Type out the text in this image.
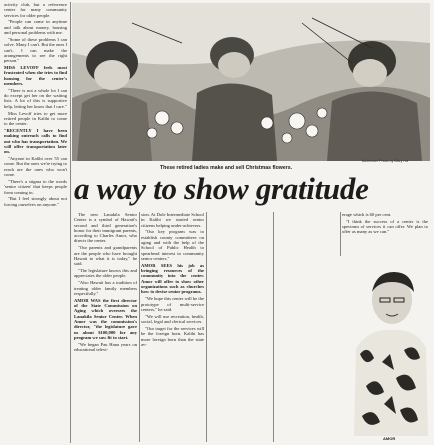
activity club, but a referrence center for many community services for older people.

"People can come in anytime and talk about money, housing and personal problems with me.

"Some of these problems I can solve. Many I can't. But the ones I can't, I can make the arrangements to see the right person."

MISS LEVOFF feels most frustrated when she tries to find housing for the center's members.

"There is not a whole lot I can do except get her on the waiting lists. A lot of this is supportive help, letting her know that I care."

Miss Levoff tries to get more retired people in Kalihi to come to the center.

"RECENTLY I have been making outreach calls to find out who has transportation. We will offer transportation later on.

"Anyone in Kalihi over 55 can come. But the ones we're trying to reach are the ones who won't come.

"There's a stigma to the words 'senior citizen' that keeps people from coming in.

"But I feel strongly about not forcing ourselves on anyone."

Advertiser Photo by Mary Ha
These retired ladies make and sell Christmas flowers.
a way to show gratitude

The new Lanakila Senior Center is a symbol of Hawaii's second and third generation's honor for their immigrant parents, according to Charles Amor, who directs the center.

"Our parents and grandparents are the people who have brought Hawaii to what it is today," he said.

"The legislature knows this and appreciates the older people.

"Also Hawaii has a tradition of treating older family members respectfully."

AMOR WAS the first director of the State Commission on Aging which oversees the Lanakila Senior Center. When Amor was the commission's director, "the legislature gave us about $100,000 for any program we saw fit to start.

"We began Pau Hana years on educational televi-

sion. At Dole Intermediate School in Kalihi we started senior citizens helping under-achievers.

"Our key program was to establish county committees on aging and with the help of the School of Public Health to spearhead interest in community senior centers."

AMOR SEES his job as bringing resources of the community into the center. Amor will offer to show other organizations such as churches how to devise senior programs.

"We hope this center will be the prototype of multi-service centers," he said.

"We will use recreation, health, social, legal and clerical services.

"Our target for the services will be the foreign born. Kalihi has more foreign born than the state av-

erage which is 60 per cent.

"I think the success of a center is the spectrum of services it can offer. We plan to offer as many as we can."

AMOR
